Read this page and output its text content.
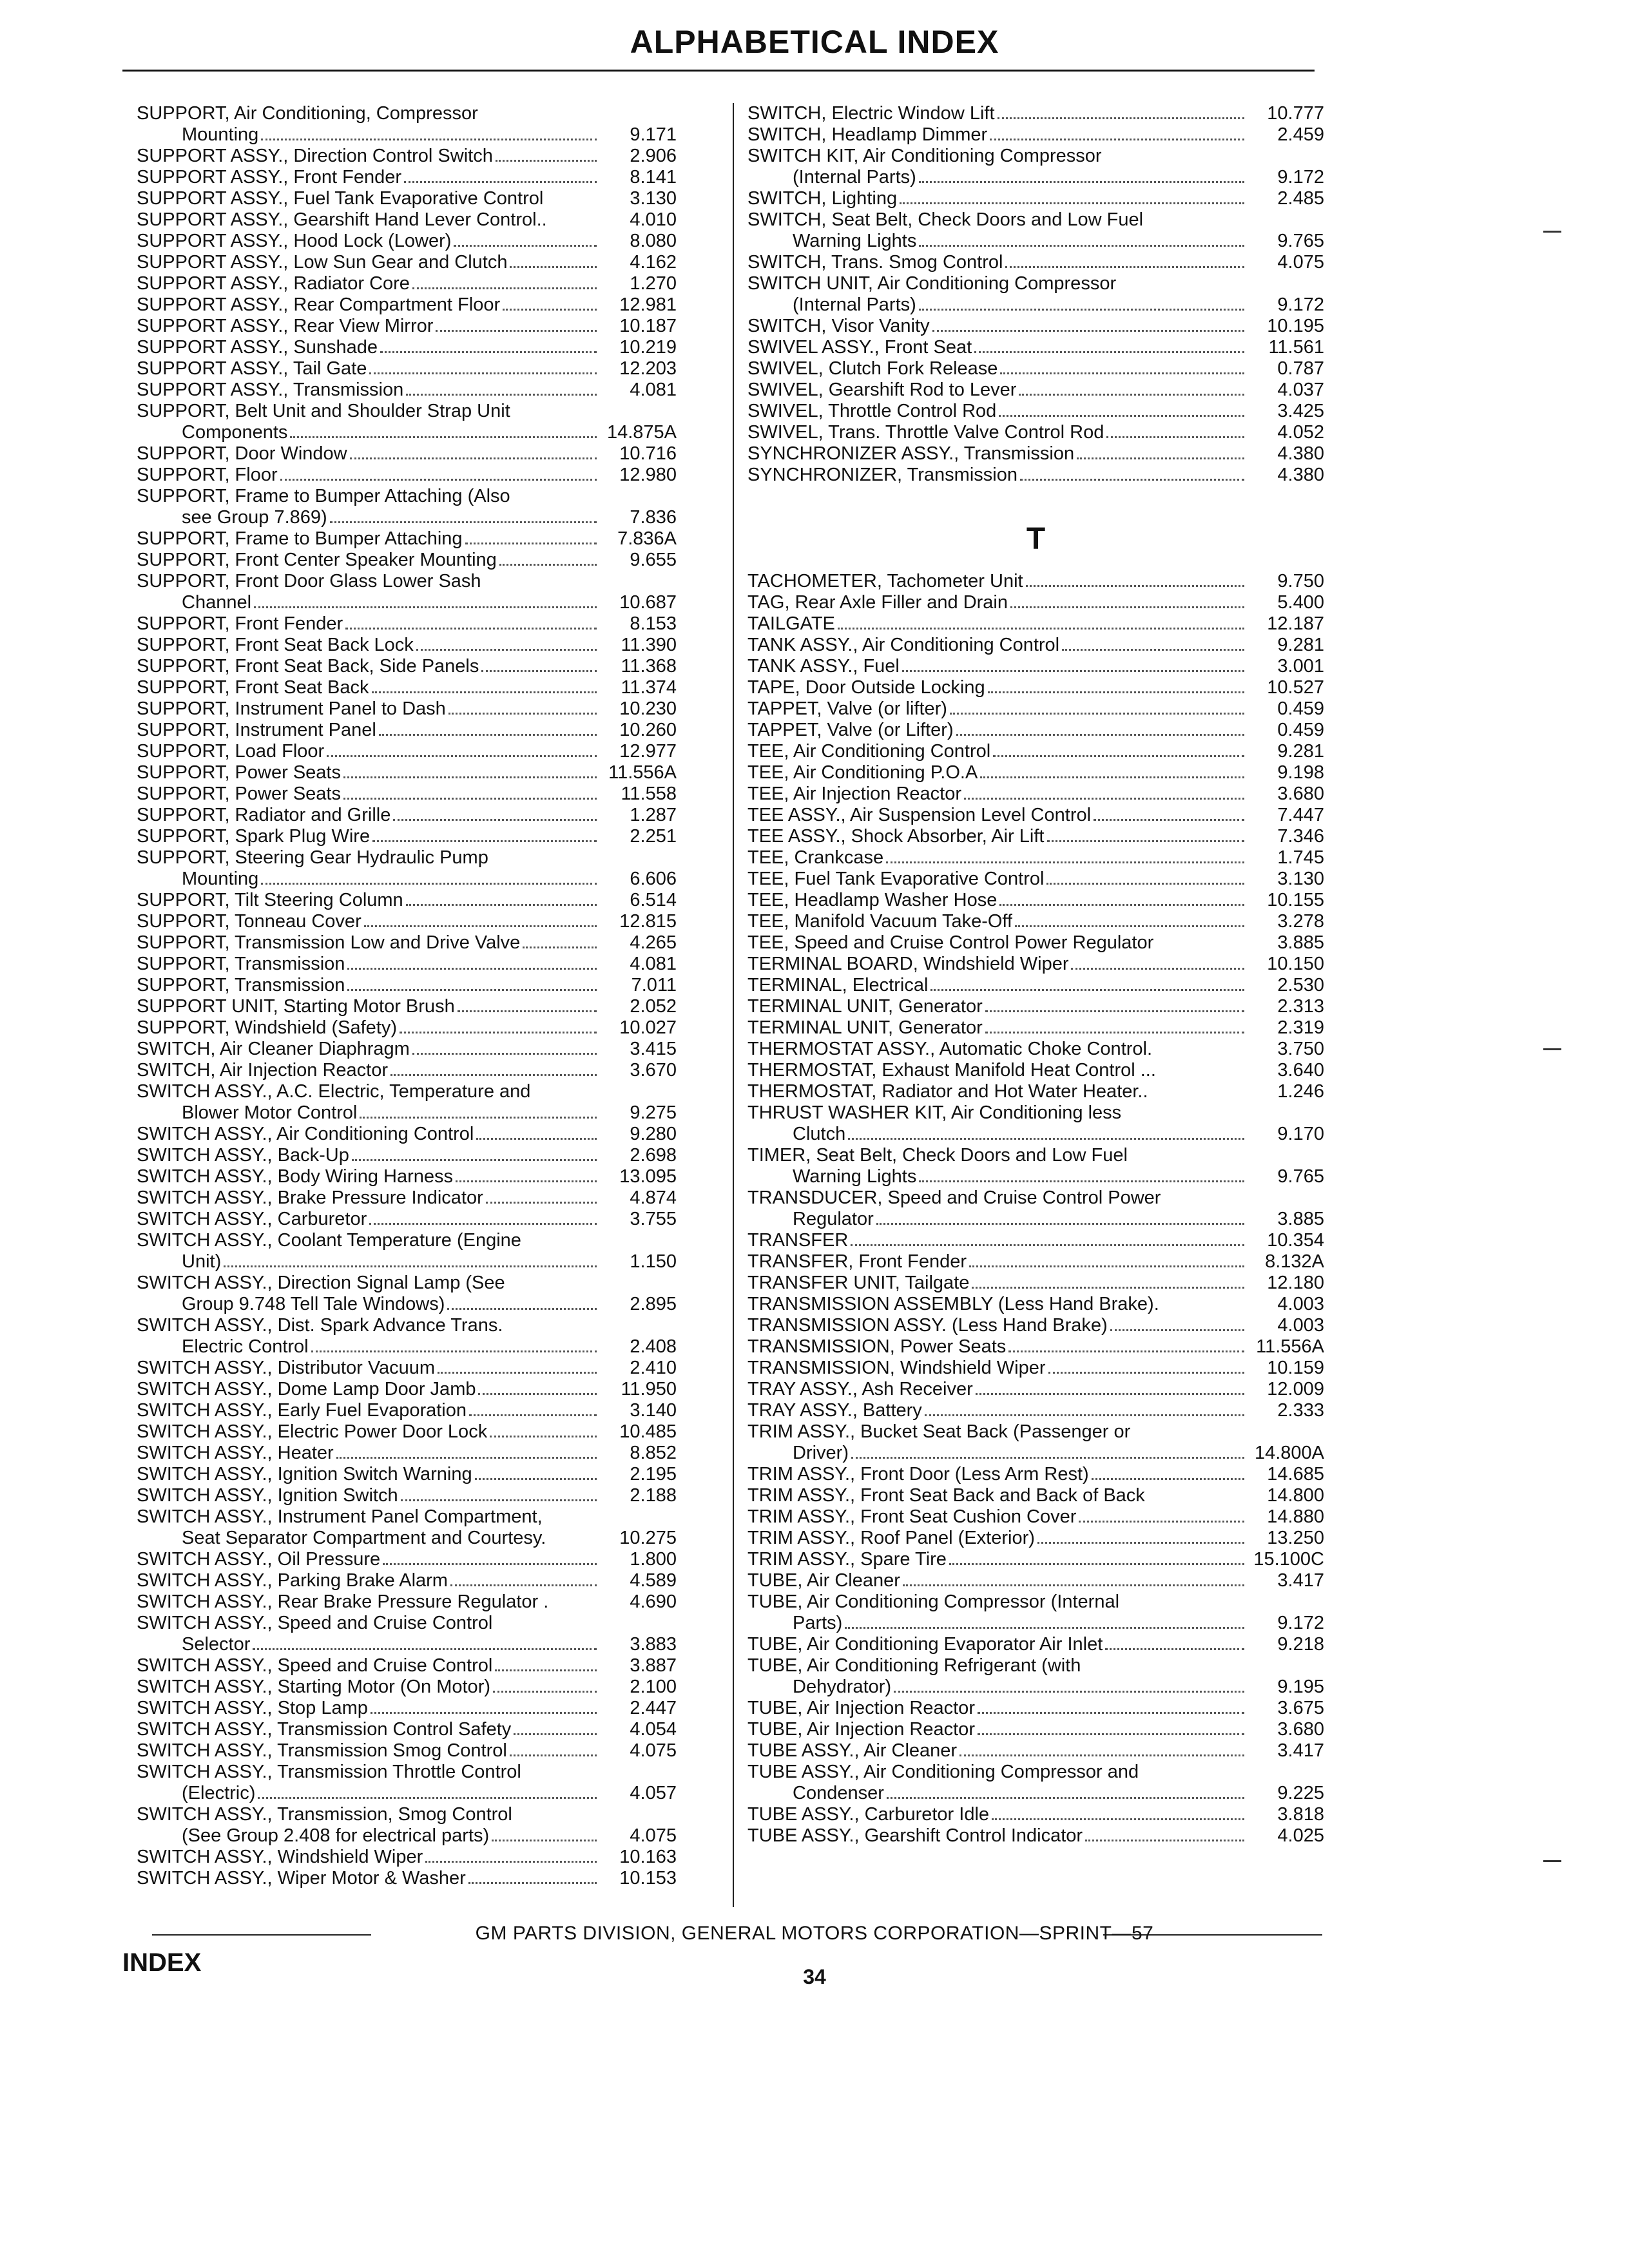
ALPHABETICAL INDEX
SUPPORT, Air Conditioning, Compressor
Mounting	9.171
SUPPORT ASSY., Direction Control Switch	2.906
SUPPORT ASSY., Front Fender	8.141
SUPPORT ASSY., Fuel Tank Evaporative Control	3.130
SUPPORT ASSY., Gearshift Hand Lever Control..	4.010
SUPPORT ASSY., Hood Lock (Lower)	8.080
SUPPORT ASSY., Low Sun Gear and Clutch	4.162
SUPPORT ASSY., Radiator Core	1.270
SUPPORT ASSY., Rear Compartment Floor	12.981
SUPPORT ASSY., Rear View Mirror	10.187
SUPPORT ASSY., Sunshade	10.219
SUPPORT ASSY., Tail Gate	12.203
SUPPORT ASSY., Transmission	4.081
SUPPORT, Belt Unit and Shoulder Strap Unit
Components	14.875A
SUPPORT, Door Window	10.716
SUPPORT, Floor	12.980
SUPPORT, Frame to Bumper Attaching (Also
see Group 7.869)	7.836
SUPPORT, Frame to Bumper Attaching	7.836A
SUPPORT, Front Center Speaker Mounting	9.655
SUPPORT, Front Door Glass Lower Sash
Channel	10.687
SUPPORT, Front Fender	8.153
SUPPORT, Front Seat Back Lock	11.390
SUPPORT, Front Seat Back, Side Panels	11.368
SUPPORT, Front Seat Back	11.374
SUPPORT, Instrument Panel to Dash	10.230
SUPPORT, Instrument Panel	10.260
SUPPORT, Load Floor	12.977
SUPPORT, Power Seats	11.556A
SUPPORT, Power Seats	11.558
SUPPORT, Radiator and Grille	1.287
SUPPORT, Spark Plug Wire	2.251
SUPPORT, Steering Gear Hydraulic Pump
Mounting	6.606
SUPPORT, Tilt Steering Column	6.514
SUPPORT, Tonneau Cover	12.815
SUPPORT, Transmission Low and Drive Valve	4.265
SUPPORT, Transmission	4.081
SUPPORT, Transmission	7.011
SUPPORT UNIT, Starting Motor Brush	2.052
SUPPORT, Windshield (Safety)	10.027
SWITCH, Air Cleaner Diaphragm	3.415
SWITCH, Air Injection Reactor	3.670
SWITCH ASSY., A.C. Electric, Temperature and
Blower Motor Control	9.275
SWITCH ASSY., Air Conditioning Control	9.280
SWITCH ASSY., Back-Up	2.698
SWITCH ASSY., Body Wiring Harness	13.095
SWITCH ASSY., Brake Pressure Indicator	4.874
SWITCH ASSY., Carburetor	3.755
SWITCH ASSY., Coolant Temperature (Engine
Unit)	1.150
SWITCH ASSY., Direction Signal Lamp (See
Group 9.748 Tell Tale Windows)	2.895
SWITCH ASSY., Dist. Spark Advance Trans.
Electric Control	2.408
SWITCH ASSY., Distributor Vacuum	2.410
SWITCH ASSY., Dome Lamp Door Jamb	11.950
SWITCH ASSY., Early Fuel Evaporation	3.140
SWITCH ASSY., Electric Power Door Lock	10.485
SWITCH ASSY., Heater	8.852
SWITCH ASSY., Ignition Switch Warning	2.195
SWITCH ASSY., Ignition Switch	2.188
SWITCH ASSY., Instrument Panel Compartment,
Seat Separator Compartment and Courtesy.	10.275
SWITCH ASSY., Oil Pressure	1.800
SWITCH ASSY., Parking Brake Alarm	4.589
SWITCH ASSY., Rear Brake Pressure Regulator .	4.690
SWITCH ASSY., Speed and Cruise Control
Selector	3.883
SWITCH ASSY., Speed and Cruise Control	3.887
SWITCH ASSY., Starting Motor (On Motor)	2.100
SWITCH ASSY., Stop Lamp	2.447
SWITCH ASSY., Transmission Control Safety	4.054
SWITCH ASSY., Transmission Smog Control	4.075
SWITCH ASSY., Transmission Throttle Control
(Electric)	4.057
SWITCH ASSY., Transmission, Smog Control
(See Group 2.408 for electrical parts)	4.075
SWITCH ASSY., Windshield Wiper	10.163
SWITCH ASSY., Wiper Motor & Washer	10.153
SWITCH, Electric Window Lift	10.777
SWITCH, Headlamp Dimmer	2.459
SWITCH KIT, Air Conditioning Compressor
(Internal Parts)	9.172
SWITCH, Lighting	2.485
SWITCH, Seat Belt, Check Doors and Low Fuel
Warning Lights	9.765
SWITCH, Trans. Smog Control	4.075
SWITCH UNIT, Air Conditioning Compressor
(Internal Parts)	9.172
SWITCH, Visor Vanity	10.195
SWIVEL ASSY., Front Seat	11.561
SWIVEL, Clutch Fork Release	0.787
SWIVEL, Gearshift Rod to Lever	4.037
SWIVEL, Throttle Control Rod	3.425
SWIVEL, Trans. Throttle Valve Control Rod	4.052
SYNCHRONIZER ASSY., Transmission	4.380
SYNCHRONIZER, Transmission	4.380
T
TACHOMETER, Tachometer Unit	9.750
TAG, Rear Axle Filler and Drain	5.400
TAILGATE	12.187
TANK ASSY., Air Conditioning Control	9.281
TANK ASSY., Fuel	3.001
TAPE, Door Outside Locking	10.527
TAPPET, Valve (or lifter)	0.459
TAPPET, Valve (or Lifter)	0.459
TEE, Air Conditioning Control	9.281
TEE, Air Conditioning P.O.A	9.198
TEE, Air Injection Reactor	3.680
TEE ASSY., Air Suspension Level Control	7.447
TEE ASSY., Shock Absorber, Air Lift	7.346
TEE, Crankcase	1.745
TEE, Fuel Tank Evaporative Control	3.130
TEE, Headlamp Washer Hose	10.155
TEE, Manifold Vacuum Take-Off	3.278
TEE, Speed and Cruise Control Power Regulator	3.885
TERMINAL BOARD, Windshield Wiper	10.150
TERMINAL, Electrical	2.530
TERMINAL UNIT, Generator	2.313
TERMINAL UNIT, Generator	2.319
THERMOSTAT ASSY., Automatic Choke Control.	3.750
THERMOSTAT, Exhaust Manifold Heat Control ...	3.640
THERMOSTAT, Radiator and Hot Water Heater..	1.246
THRUST WASHER KIT, Air Conditioning less
Clutch	9.170
TIMER, Seat Belt, Check Doors and Low Fuel
Warning Lights	9.765
TRANSDUCER, Speed and Cruise Control Power
Regulator	3.885
TRANSFER	10.354
TRANSFER, Front Fender	8.132A
TRANSFER UNIT, Tailgate	12.180
TRANSMISSION ASSEMBLY (Less Hand Brake).	4.003
TRANSMISSION ASSY. (Less Hand Brake)	4.003
TRANSMISSION, Power Seats	11.556A
TRANSMISSION, Windshield Wiper	10.159
TRAY ASSY., Ash Receiver	12.009
TRAY ASSY., Battery	2.333
TRIM ASSY., Bucket Seat Back (Passenger or
Driver)	14.800A
TRIM ASSY., Front Door (Less Arm Rest)	14.685
TRIM ASSY., Front Seat Back and Back of Back	14.800
TRIM ASSY., Front Seat Cushion Cover	14.880
TRIM ASSY., Roof Panel (Exterior)	13.250
TRIM ASSY., Spare Tire	15.100C
TUBE, Air Cleaner	3.417
TUBE, Air Conditioning Compressor (Internal
Parts)	9.172
TUBE, Air Conditioning Evaporator Air Inlet	9.218
TUBE, Air Conditioning Refrigerant (with
Dehydrator)	9.195
TUBE, Air Injection Reactor	3.675
TUBE, Air Injection Reactor	3.680
TUBE ASSY., Air Cleaner	3.417
TUBE ASSY., Air Conditioning Compressor and
Condenser	9.225
TUBE ASSY., Carburetor Idle	3.818
TUBE ASSY., Gearshift Control Indicator	4.025
GM PARTS DIVISION, GENERAL MOTORS CORPORATION—SPRINT—57
INDEX	34
